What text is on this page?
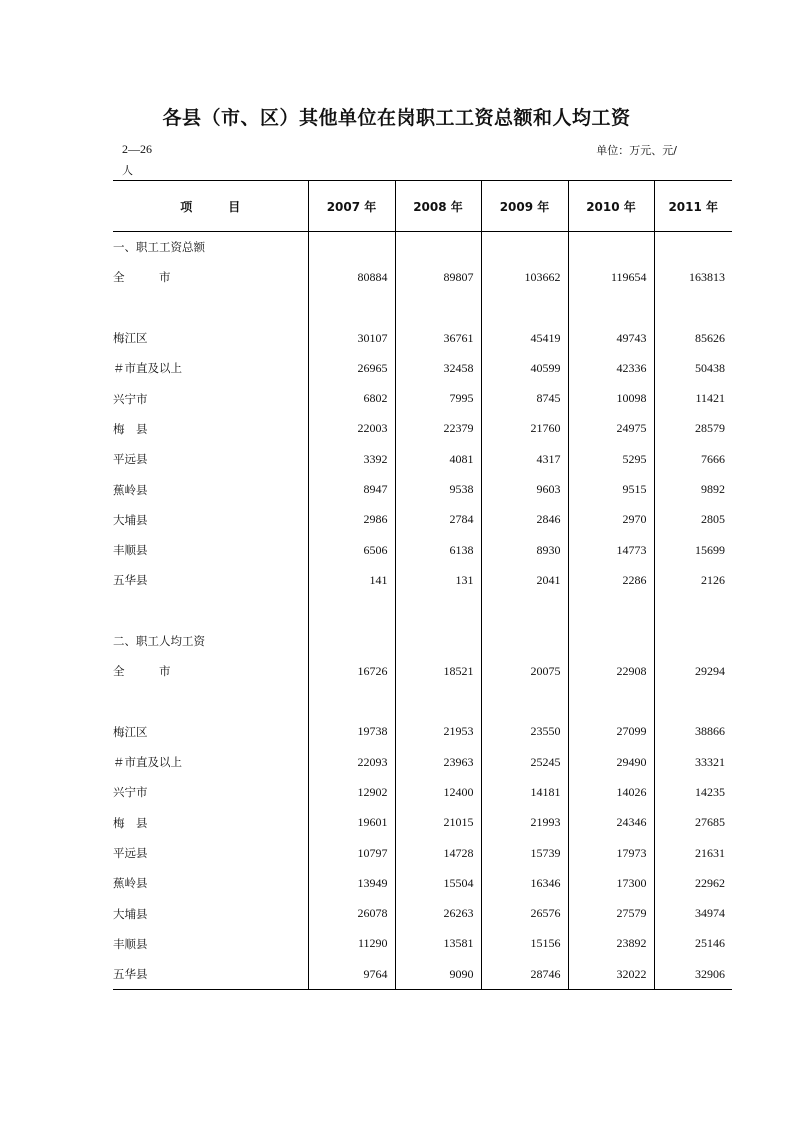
各县（市、区）其他单位在岗职工工资总额和人均工资
2—26	单位：万元、元/
人
项　　　目	2007 年	2008 年	2009 年	2010 年	2011 年
一、职工工资总额					
全　　　市	80884	89807	103662	119654	163813

梅江区	30107	36761	45419	49743	85626
＃市直及以上	26965	32458	40599	42336	50438
兴宁市	6802	7995	8745	10098	11421
梅　县	22003	22379	21760	24975	28579
平远县	3392	4081	4317	5295	7666
蕉岭县	8947	9538	9603	9515	9892
大埔县	2986	2784	2846	2970	2805
丰顺县	6506	6138	8930	14773	15699
五华县	141	131	2041	2286	2126

二、职工人均工资					
全　　　市	16726	18521	20075	22908	29294

梅江区	19738	21953	23550	27099	38866
＃市直及以上	22093	23963	25245	29490	33321
兴宁市	12902	12400	14181	14026	14235
梅　县	19601	21015	21993	24346	27685
平远县	10797	14728	15739	17973	21631
蕉岭县	13949	15504	16346	17300	22962
大埔县	26078	26263	26576	27579	34974
丰顺县	11290	13581	15156	23892	25146
五华县	9764	9090	28746	32022	32906
